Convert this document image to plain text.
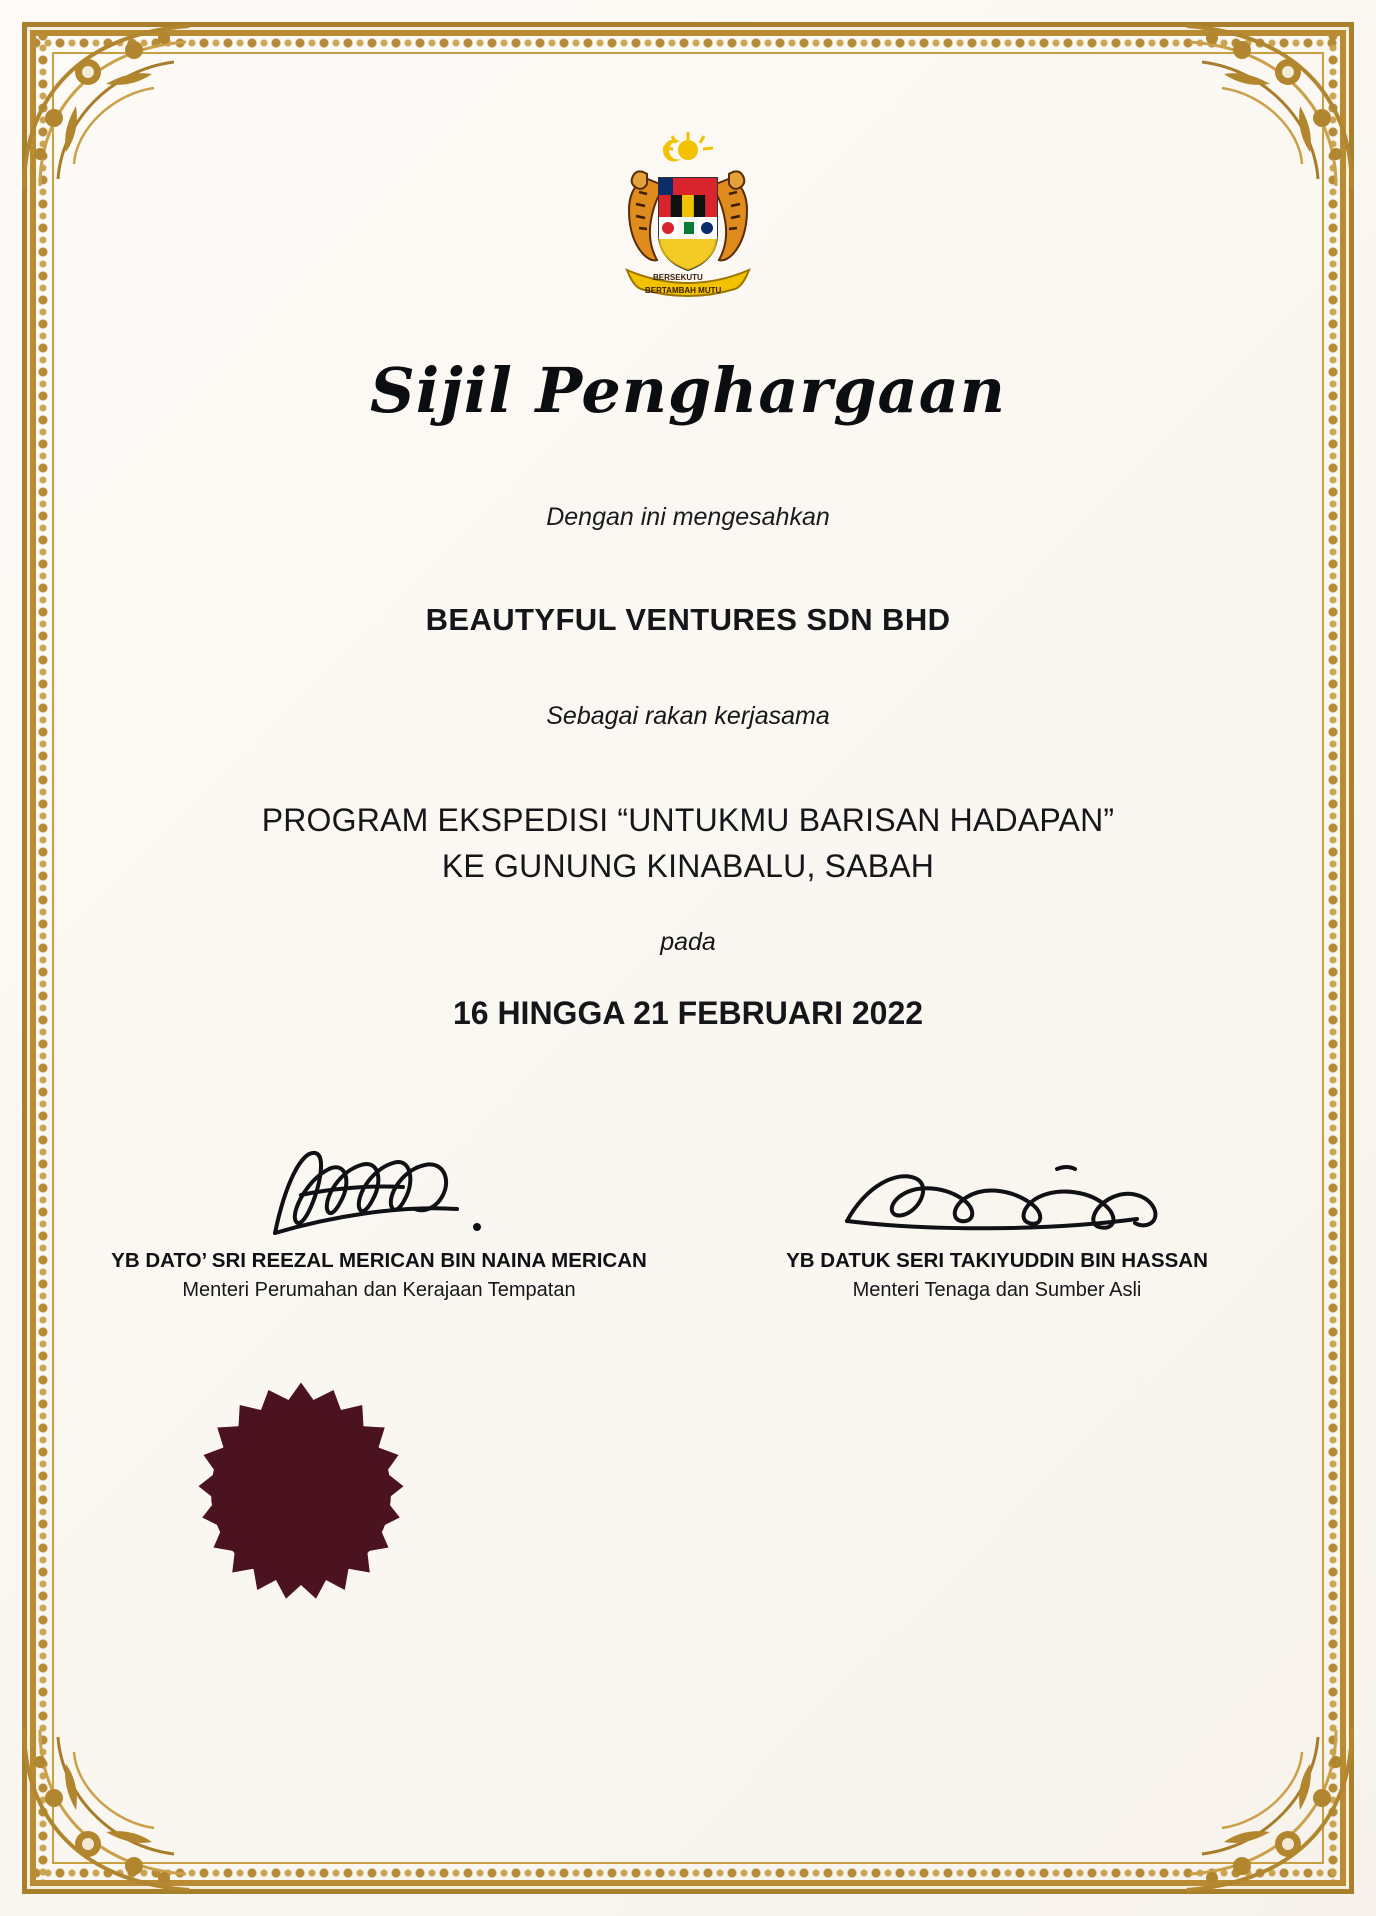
BERSEKUTU
BERTAMBAH MUTU
Sijil Penghargaan
Dengan ini mengesahkan
BEAUTYFUL VENTURES SDN BHD
Sebagai rakan kerjasama
PROGRAM EKSPEDISI “UNTUKMU BARISAN HADAPAN”
KE GUNUNG KINABALU, SABAH
pada
16 HINGGA 21 FEBRUARI 2022
YB DATO’ SRI REEZAL MERICAN BIN NAINA MERICAN
Menteri Perumahan dan Kerajaan Tempatan
YB DATUK SERI TAKIYUDDIN BIN HASSAN
Menteri Tenaga dan Sumber Asli
